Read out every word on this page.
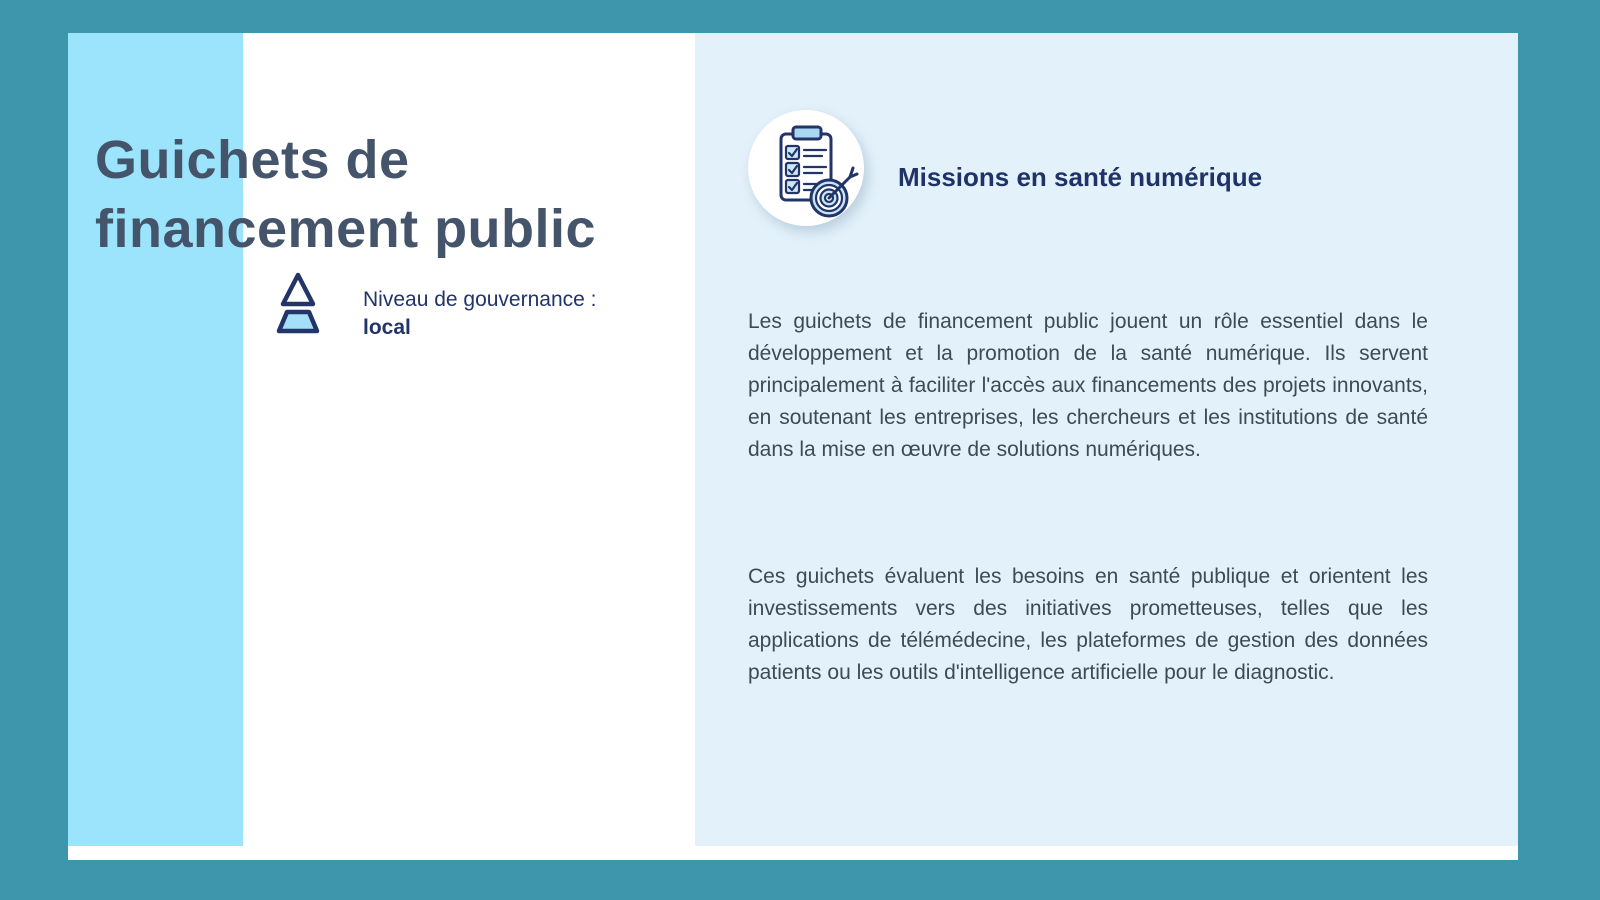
Guichets de
financement public
Niveau de gouvernance :
local
Missions en santé numérique

Les guichets de financement public jouent un rôle essentiel dans le développement et la promotion de la santé numérique. Ils servent principalement à faciliter l'accès aux financements des projets innovants, en soutenant les entreprises, les chercheurs et les institutions de santé dans la mise en œuvre de solutions numériques.

Ces guichets évaluent les besoins en santé publique et orientent les investissements vers des initiatives prometteuses, telles que les applications de télémédecine, les plateformes de gestion des données patients ou les outils d'intelligence artificielle pour le diagnostic.
